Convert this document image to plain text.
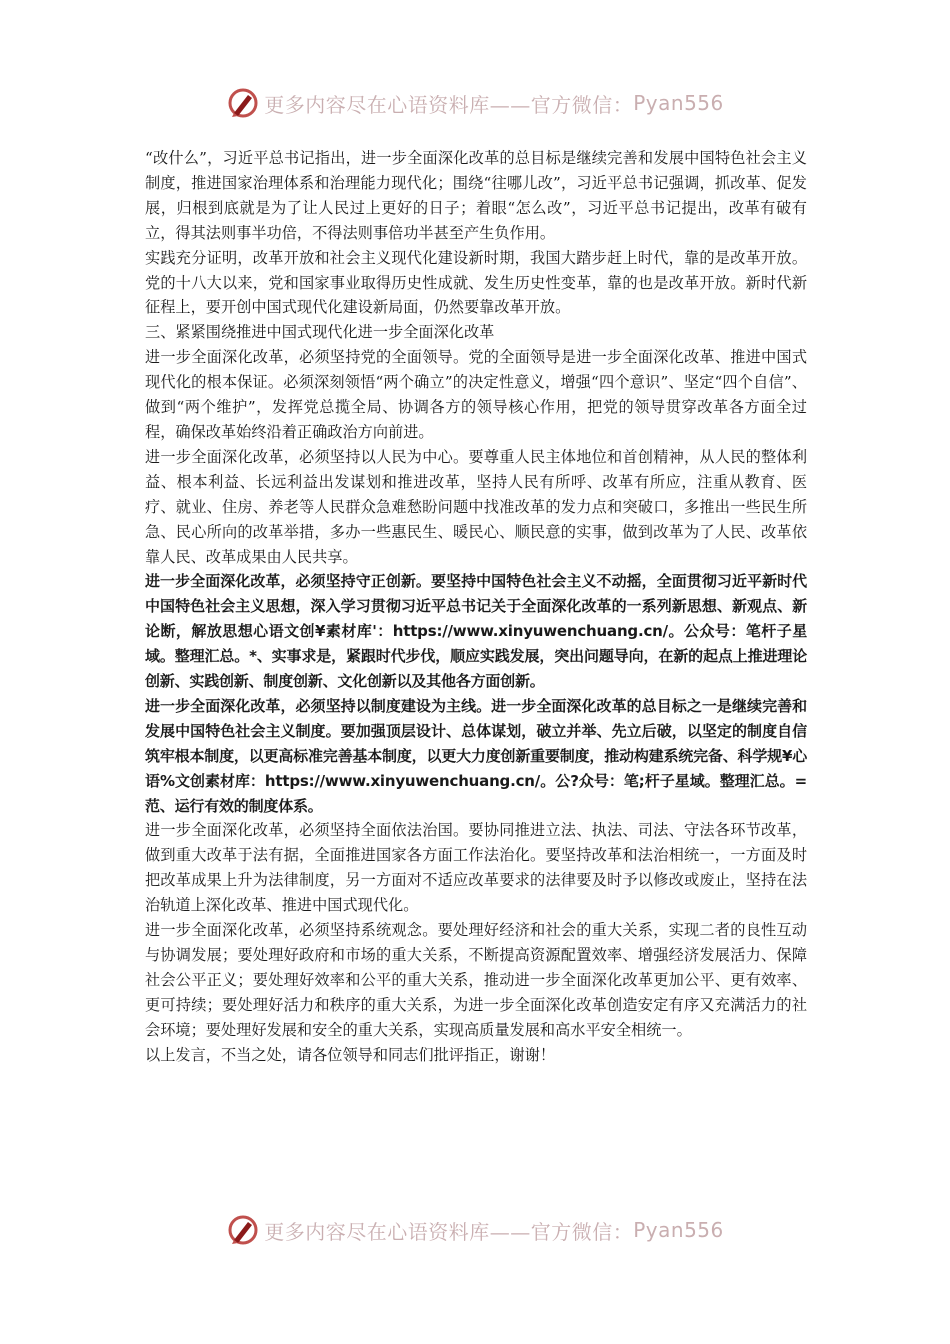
更多内容尽在心语资料库——官方微信： Pyan556

“改什么”，习近平总书记指出，进一步全面深化改革的总目标是继续完善和发展中国特色社会主义制度，推进国家治理体系和治理能力现代化；围绕“往哪儿改”，习近平总书记强调，抓改革、促发展，归根到底就是为了让人民过上更好的日子；着眼“怎么改”，习近平总书记提出，改革有破有立，得其法则事半功倍，不得法则事倍功半甚至产生负作用。

实践充分证明，改革开放和社会主义现代化建设新时期，我国大踏步赶上时代，靠的是改革开放。党的十八大以来，党和国家事业取得历史性成就、发生历史性变革，靠的也是改革开放。新时代新征程上，要开创中国式现代化建设新局面，仍然要靠改革开放。

三、紧紧围绕推进中国式现代化进一步全面深化改革

进一步全面深化改革，必须坚持党的全面领导。党的全面领导是进一步全面深化改革、推进中国式现代化的根本保证。必须深刻领悟“两个确立”的决定性意义，增强“四个意识”、坚定“四个自信”、做到“两个维护”，发挥党总揽全局、协调各方的领导核心作用，把党的领导贯穿改革各方面全过程，确保改革始终沿着正确政治方向前进。

进一步全面深化改革，必须坚持以人民为中心。要尊重人民主体地位和首创精神，从人民的整体利益、根本利益、长远利益出发谋划和推进改革，坚持人民有所呼、改革有所应，注重从教育、医疗、就业、住房、养老等人民群众急难愁盼问题中找准改革的发力点和突破口，多推出一些民生所急、民心所向的改革举措，多办一些惠民生、暖民心、顺民意的实事，做到改革为了人民、改革依靠人民、改革成果由人民共享。

进一步全面深化改革，必须坚持守正创新。要坚持中国特色社会主义不动摇，全面贯彻习近平新时代中国特色社会主义思想，深入学习贯彻习近平总书记关于全面深化改革的一系列新思想、新观点、新论断，解放思想心语文创¥素材库'：https://www.xinyuwenchuang.cn/。公众号：笔杆子星域。整理汇总。*、实事求是，紧跟时代步伐，顺应实践发展，突出问题导向，在新的起点上推进理论创新、实践创新、制度创新、文化创新以及其他各方面创新。

进一步全面深化改革，必须坚持以制度建设为主线。进一步全面深化改革的总目标之一是继续完善和发展中国特色社会主义制度。要加强顶层设计、总体谋划，破立并举、先立后破，以坚定的制度自信筑牢根本制度，以更高标准完善基本制度，以更大力度创新重要制度，推动构建系统完备、科学规¥心语%文创素材库：https://www.xinyuwenchuang.cn/。公?众号：笔;杆子星域。整理汇总。=范、运行有效的制度体系。

进一步全面深化改革，必须坚持全面依法治国。要协同推进立法、执法、司法、守法各环节改革，做到重大改革于法有据，全面推进国家各方面工作法治化。要坚持改革和法治相统一，一方面及时把改革成果上升为法律制度，另一方面对不适应改革要求的法律要及时予以修改或废止，坚持在法治轨道上深化改革、推进中国式现代化。

进一步全面深化改革，必须坚持系统观念。要处理好经济和社会的重大关系，实现二者的良性互动与协调发展；要处理好政府和市场的重大关系，不断提高资源配置效率、增强经济发展活力、保障社会公平正义；要处理好效率和公平的重大关系，推动进一步全面深化改革更加公平、更有效率、更可持续；要处理好活力和秩序的重大关系，为进一步全面深化改革创造安定有序又充满活力的社会环境；要处理好发展和安全的重大关系，实现高质量发展和高水平安全相统一。

以上发言，不当之处，请各位领导和同志们批评指正，谢谢！

更多内容尽在心语资料库——官方微信： Pyan556
